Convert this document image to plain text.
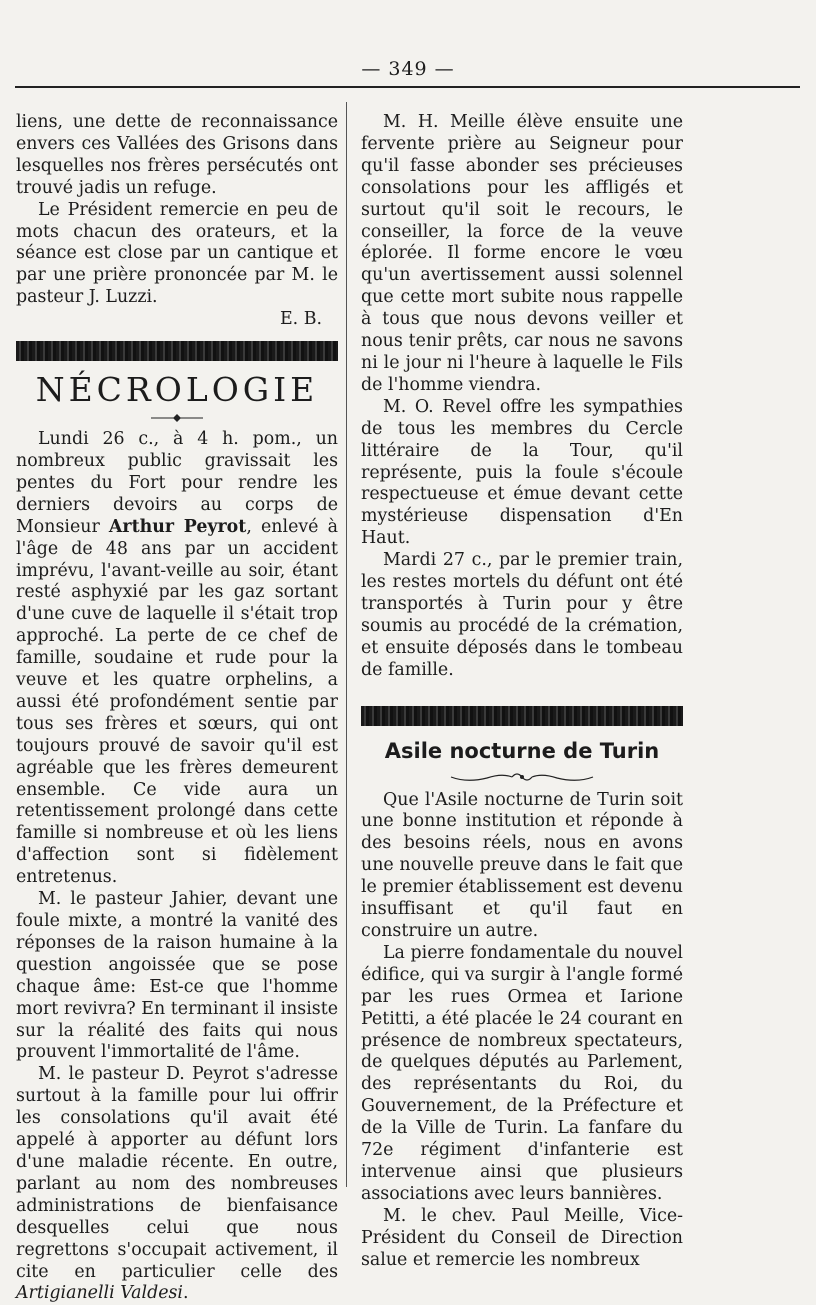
— 349 —

liens, une dette de reconnaissance envers ces Vallées des Grisons dans lesquelles nos frères persécutés ont trouvé jadis un refuge.

Le Président remercie en peu de mots chacun des orateurs, et la séance est close par un cantique et par une prière prononcée par M. le pasteur J. Luzzi.

E. B.

NÉCROLOGIE

Lundi 26 c., à 4 h. pom., un nombreux public gravissait les pentes du Fort pour rendre les derniers devoirs au corps de Monsieur Arthur Peyrot, enlevé à l'âge de 48 ans par un accident imprévu, l'avant-veille au soir, étant resté asphyxié par les gaz sortant d'une cuve de laquelle il s'était trop approché. La perte de ce chef de famille, soudaine et rude pour la veuve et les quatre orphelins, a aussi été profondément sentie par tous ses frères et sœurs, qui ont toujours prouvé de savoir qu'il est agréable que les frères demeurent ensemble. Ce vide aura un retentissement prolongé dans cette famille si nombreuse et où les liens d'affection sont si fidèlement entretenus.

M. le pasteur Jahier, devant une foule mixte, a montré la vanité des réponses de la raison humaine à la question angoissée que se pose chaque âme: Est-ce que l'homme mort revivra? En terminant il insiste sur la réalité des faits qui nous prouvent l'immortalité de l'âme.

M. le pasteur D. Peyrot s'adresse surtout à la famille pour lui offrir les consolations qu'il avait été appelé à apporter au défunt lors d'une maladie récente. En outre, parlant au nom des nombreuses administrations de bienfaisance desquelles celui que nous regrettons s'occupait activement, il cite en particulier celle des Artigianelli Valdesi.

M. H. Meille élève ensuite une fervente prière au Seigneur pour qu'il fasse abonder ses précieuses consolations pour les affligés et surtout qu'il soit le recours, le conseiller, la force de la veuve éplorée. Il forme encore le vœu qu'un avertissement aussi solennel que cette mort subite nous rappelle à tous que nous devons veiller et nous tenir prêts, car nous ne savons ni le jour ni l'heure à laquelle le Fils de l'homme viendra.

M. O. Revel offre les sympathies de tous les membres du Cercle littéraire de la Tour, qu'il représente, puis la foule s'écoule respectueuse et émue devant cette mystérieuse dispensation d'En Haut.

Mardi 27 c., par le premier train, les restes mortels du défunt ont été transportés à Turin pour y être soumis au procédé de la crémation, et ensuite déposés dans le tombeau de famille.

Asile nocturne de Turin

Que l'Asile nocturne de Turin soit une bonne institution et réponde à des besoins réels, nous en avons une nouvelle preuve dans le fait que le premier établissement est devenu insuffisant et qu'il faut en construire un autre.

La pierre fondamentale du nouvel édifice, qui va surgir à l'angle formé par les rues Ormea et Iarione Petitti, a été placée le 24 courant en présence de nombreux spectateurs, de quelques députés au Parlement, des représentants du Roi, du Gouvernement, de la Préfecture et de la Ville de Turin. La fanfare du 72e régiment d'infanterie est intervenue ainsi que plusieurs associations avec leurs bannières.

M. le chev. Paul Meille, Vice-Président du Conseil de Direction salue et remercie les nombreux
